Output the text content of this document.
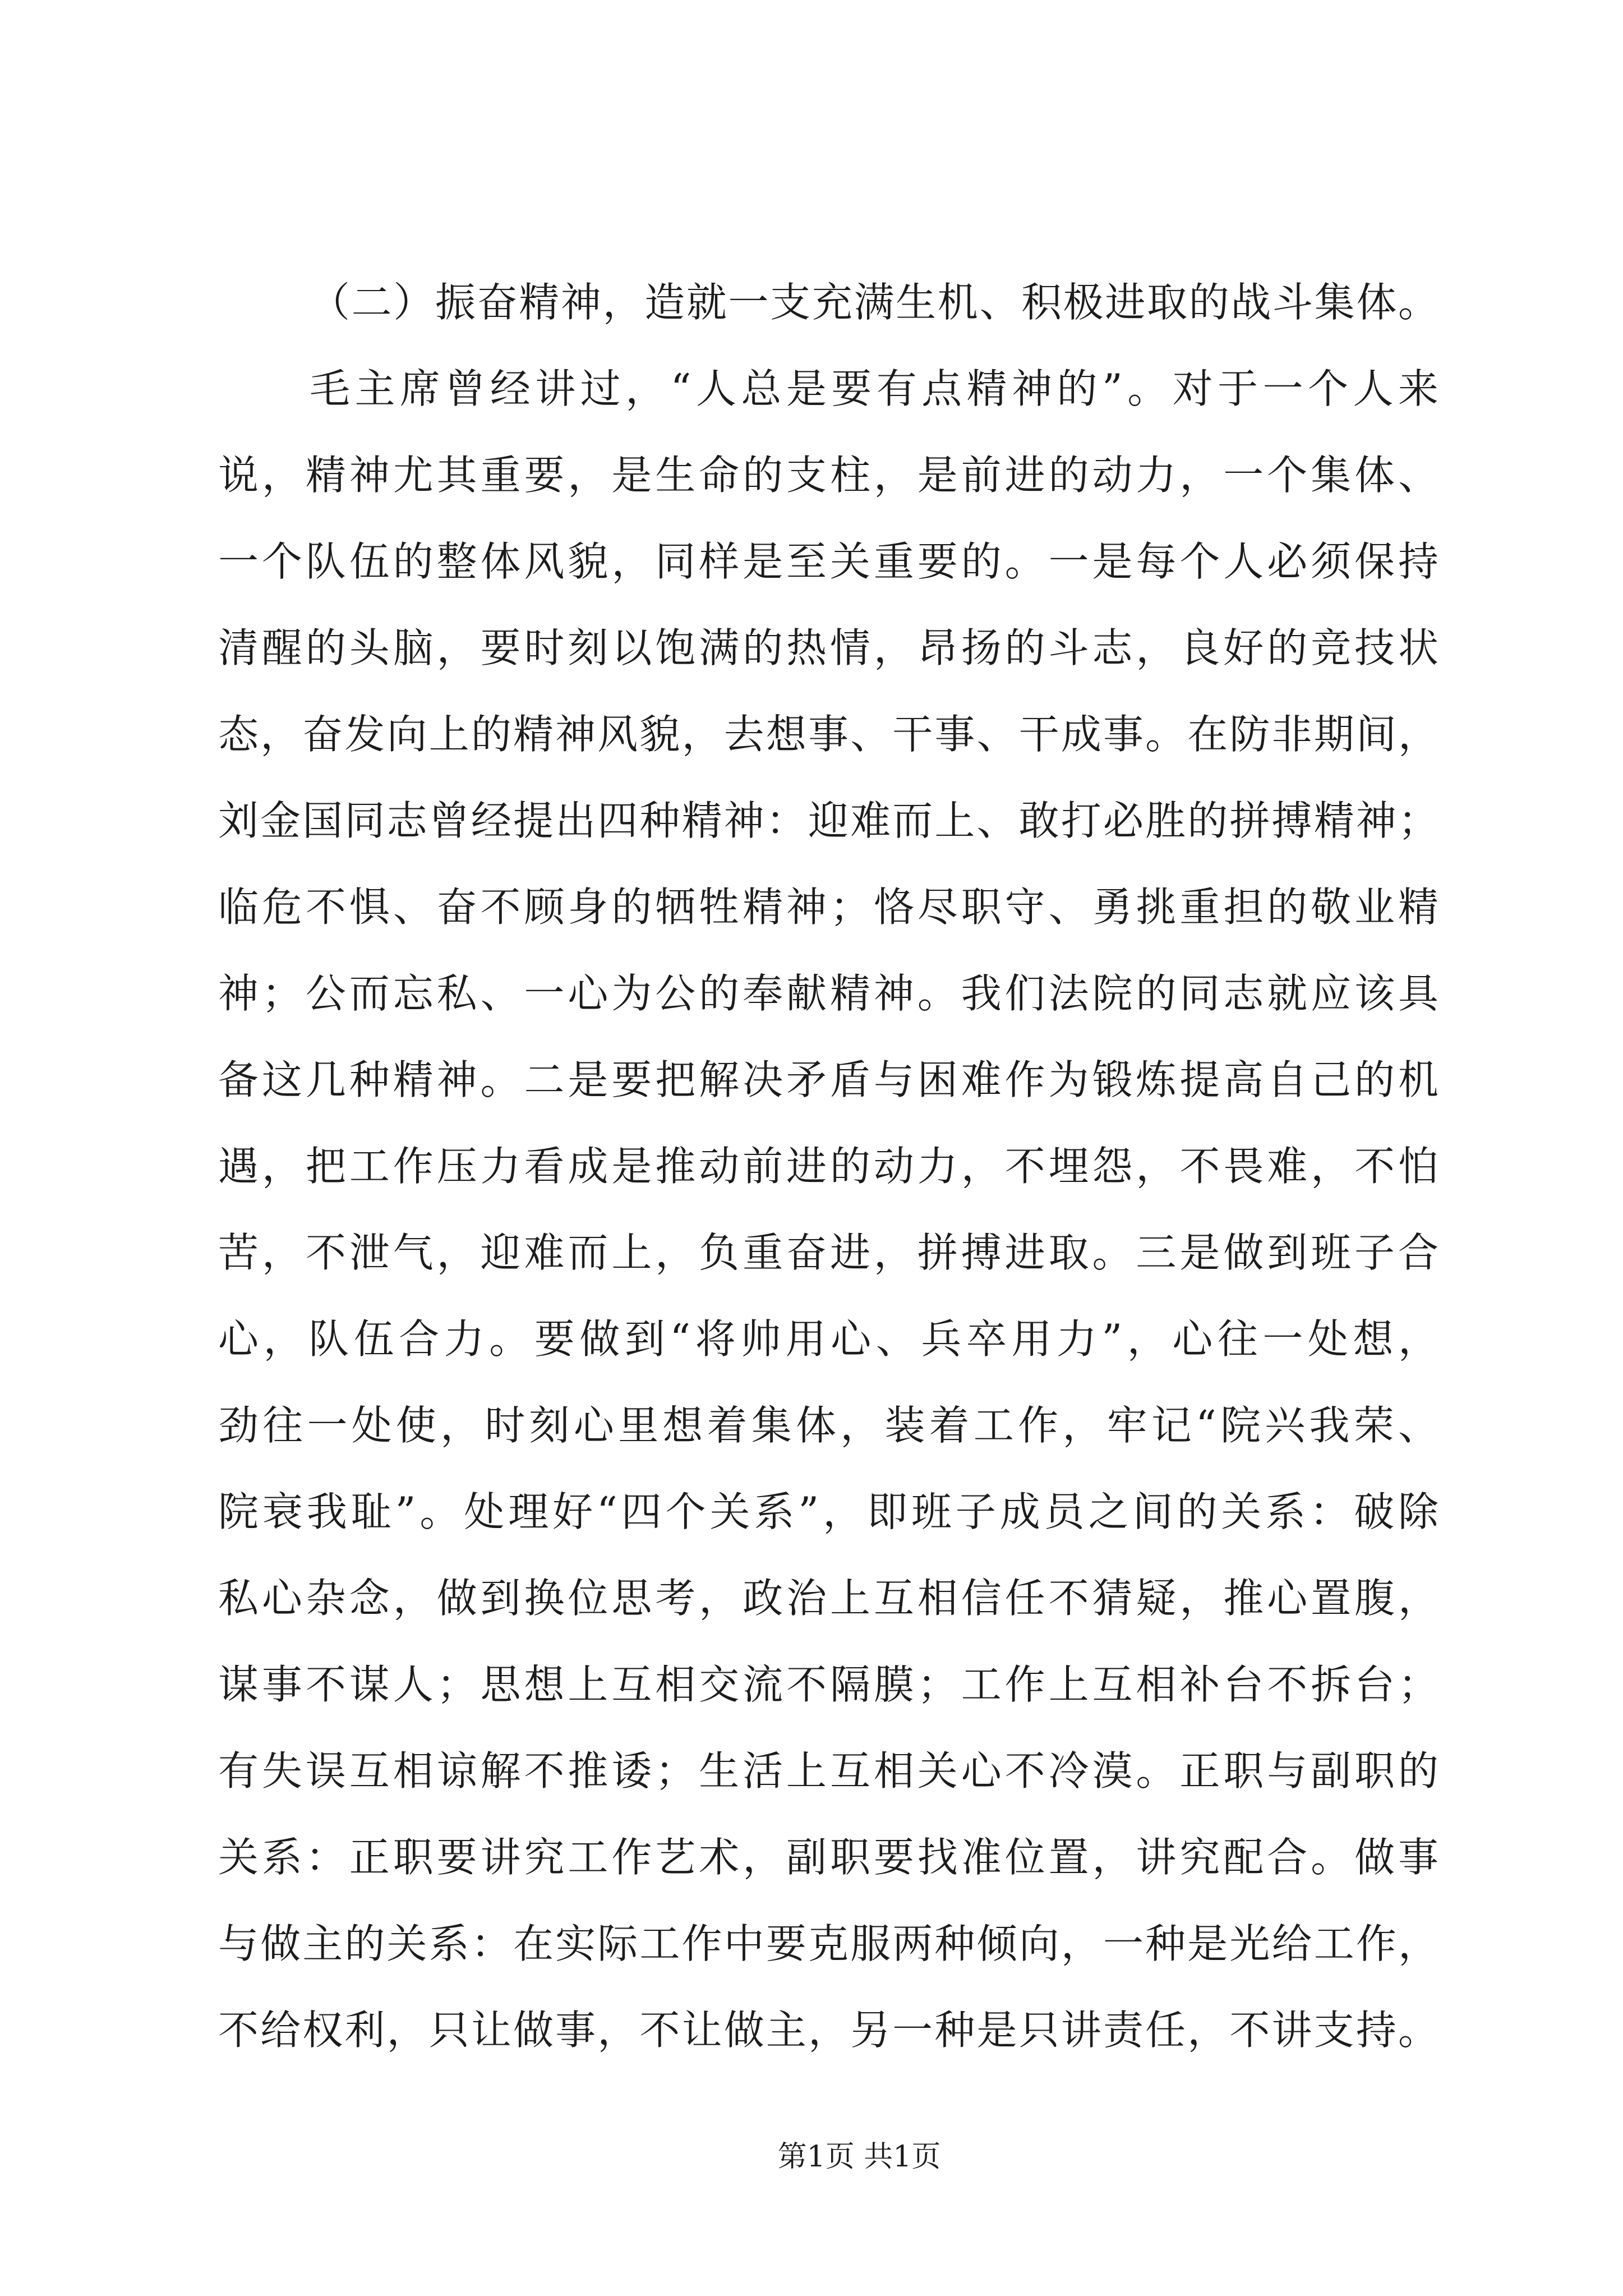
（二）振奋精神，造就一支充满生机、积极进取的战斗集体。
毛主席曾经讲过，“人总是要有点精神的”。对于一个人来
说，精神尤其重要，是生命的支柱，是前进的动力，一个集体、
一个队伍的整体风貌，同样是至关重要的。一是每个人必须保持
清醒的头脑，要时刻以饱满的热情，昂扬的斗志，良好的竞技状
态，奋发向上的精神风貌，去想事、干事、干成事。在防非期间，
刘金国同志曾经提出四种精神：迎难而上、敢打必胜的拼搏精神；
临危不惧、奋不顾身的牺牲精神；恪尽职守、勇挑重担的敬业精
神；公而忘私、一心为公的奉献精神。我们法院的同志就应该具
备这几种精神。二是要把解决矛盾与困难作为锻炼提高自己的机
遇，把工作压力看成是推动前进的动力，不埋怨，不畏难，不怕
苦，不泄气，迎难而上，负重奋进，拼搏进取。三是做到班子合
心，队伍合力。要做到“将帅用心、兵卒用力”，心往一处想，
劲往一处使，时刻心里想着集体，装着工作，牢记“院兴我荣、
院衰我耻”。处理好“四个关系”，即班子成员之间的关系：破除
私心杂念，做到换位思考，政治上互相信任不猜疑，推心置腹，
谋事不谋人；思想上互相交流不隔膜；工作上互相补台不拆台；
有失误互相谅解不推诿；生活上互相关心不冷漠。正职与副职的
关系：正职要讲究工作艺术，副职要找准位置，讲究配合。做事
与做主的关系：在实际工作中要克服两种倾向，一种是光给工作，
不给权利，只让做事，不让做主，另一种是只讲责任，不讲支持。
第1页 共1页
